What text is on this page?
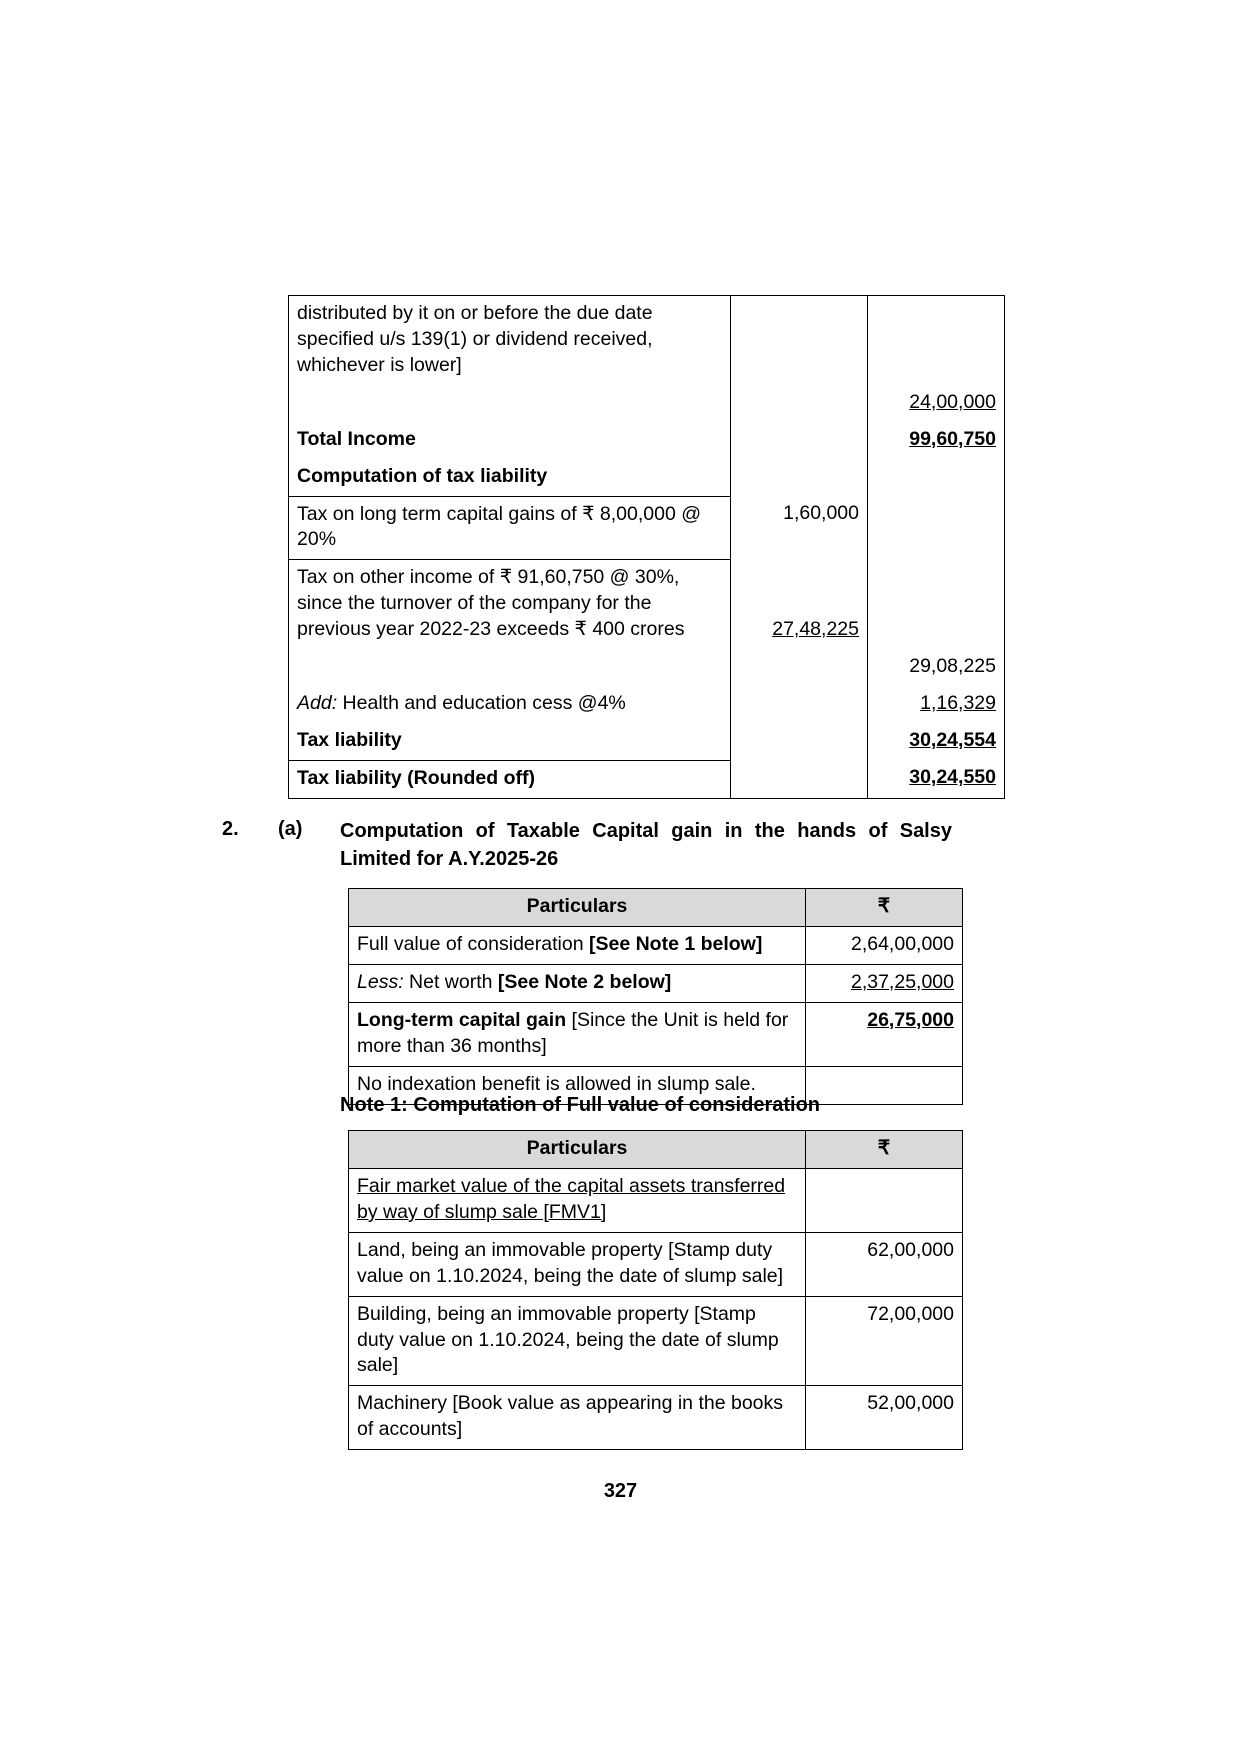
distributed by it on or before the due date specified u/s 139(1) or dividend received, whichever is lower]		
		24,00,000
Total Income		99,60,750
Computation of tax liability		
Tax on long term capital gains of ₹ 8,00,000 @ 20%	1,60,000	
Tax on other income of ₹ 91,60,750 @ 30%, since the turnover of the company for the previous year 2022-23 exceeds ₹ 400 crores	27,48,225	
		29,08,225
Add: Health and education cess @4%		1,16,329
Tax liability		30,24,554
Tax liability (Rounded off)		30,24,550
2. (a) Computation of Taxable Capital gain in the hands of Salsy
Limited for A.Y.2025-26
Particulars	₹
Full value of consideration [See Note 1 below]	2,64,00,000
Less: Net worth [See Note 2 below]	2,37,25,000
Long-term capital gain [Since the Unit is held for more than 36 months]	26,75,000
No indexation benefit is allowed in slump sale.	
Note 1: Computation of Full value of consideration
Particulars	₹
Fair market value of the capital assets transferred by way of slump sale [FMV1]	
Land, being an immovable property [Stamp duty value on 1.10.2024, being the date of slump sale]	62,00,000
Building, being an immovable property [Stamp duty value on 1.10.2024, being the date of slump sale]	72,00,000
Machinery [Book value as appearing in the books of accounts]	52,00,000
327
